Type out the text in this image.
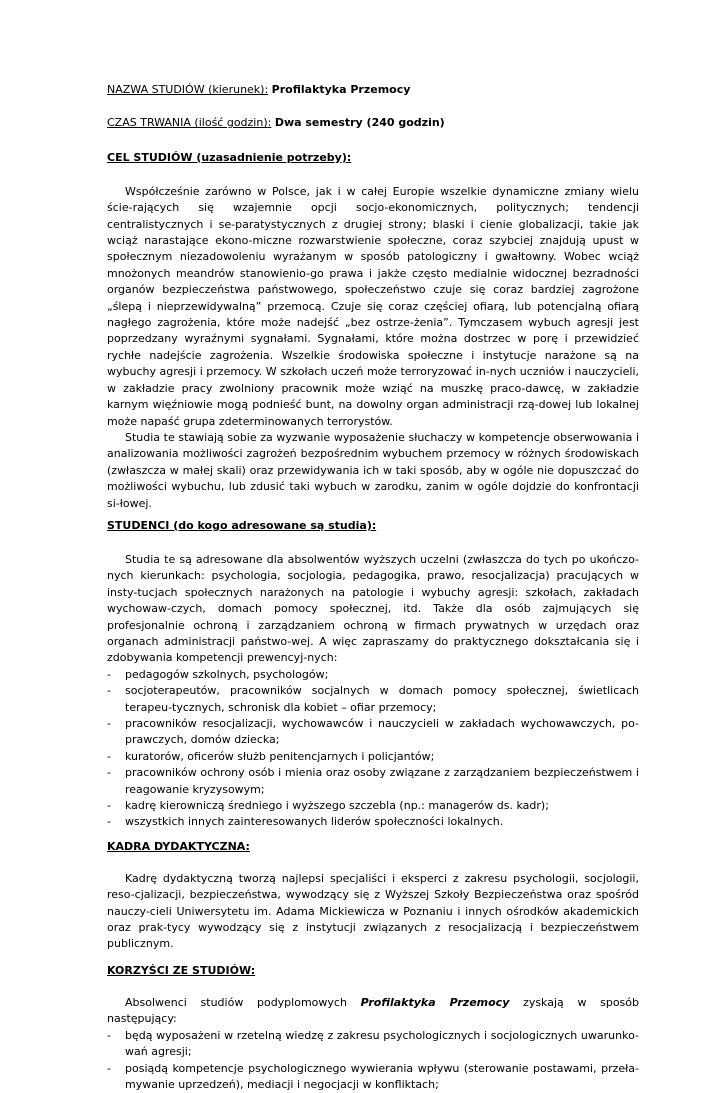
NAZWA STUDIÓW (kierunek): Profilaktyka Przemocy

CZAS TRWANIA (ilość godzin): Dwa semestry (240 godzin)

CEL STUDIÓW (uzasadnienie potrzeby):

Współcześnie zarówno w Polsce, jak i w całej Europie wszelkie dynamiczne zmiany wielu ście-rających się wzajemnie opcji socjo-ekonomicznych, politycznych; tendencji centralistycznych i se-paratystycznych z drugiej strony; blaski i cienie globalizacji, takie jak wciąż narastające ekono-miczne rozwarstwienie społeczne, coraz szybciej znajdują upust w społecznym niezadowoleniu wyrażanym w sposób patologiczny i gwałtowny. Wobec wciąż mnożonych meandrów stanowienio-go prawa i jakże często medialnie widocznej bezradności organów bezpieczeństwa państwowego, społeczeństwo czuje się coraz bardziej zagrożone „ślepą i nieprzewidywalną” przemocą. Czuje się coraz częściej ofiarą, lub potencjalną ofiarą nagłego zagrożenia, które może nadejść „bez ostrze-żenia”. Tymczasem wybuch agresji jest poprzedzany wyraźnymi sygnałami. Sygnałami, które można dostrzec w porę i przewidzieć rychłe nadejście zagrożenia. Wszelkie środowiska społeczne i instytucje narażone są na wybuchy agresji i przemocy. W szkołach uczeń może terroryzować in-nych uczniów i nauczycieli, w zakładzie pracy zwolniony pracownik może wziąć na muszkę praco-dawcę, w zakładzie karnym więźniowie mogą podnieść bunt, na dowolny organ administracji rzą-dowej lub lokalnej może napaść grupa zdeterminowanych terrorystów.

Studia te stawiają sobie za wyzwanie wyposażenie słuchaczy w kompetencje obserwowania i analizowania możliwości zagrożeń bezpośrednim wybuchem przemocy w różnych środowiskach (zwłaszcza w małej skali) oraz przewidywania ich w taki sposób, aby w ogóle nie dopuszczać do możliwości wybuchu, lub zdusić taki wybuch w zarodku, zanim w ogóle dojdzie do konfrontacji si-łowej.

STUDENCI (do kogo adresowane są studia):

Studia te są adresowane dla absolwentów wyższych uczelni (zwłaszcza do tych po ukończo-nych kierunkach: psychologia, socjologia, pedagogika, prawo, resocjalizacja) pracujących w insty-tucjach społecznych narażonych na patologie i wybuchy agresji: szkołach, zakładach wychowaw-czych, domach pomocy społecznej, itd. Także dla osób zajmujących się profesjonalnie ochroną i zarządzaniem ochroną w firmach prywatnych w urzędach oraz organach administracji państwo-wej. A więc zapraszamy do praktycznego dokształcania się i zdobywania kompetencji prewencyj-nych:

- pedagogów szkolnych, psychologów;
- socjoterapeutów, pracowników socjalnych w domach pomocy społecznej, świetlicach terapeu-tycznych, schronisk dla kobiet – ofiar przemocy;
- pracowników resocjalizacji, wychowawców i nauczycieli w zakładach wychowawczych, po-prawczych, domów dziecka;
- kuratorów, oficerów służb penitencjarnych i policjantów;
- pracowników ochrony osób i mienia oraz osoby związane z zarządzaniem bezpieczeństwem i reagowanie kryzysowym;
- kadrę kierowniczą średniego i wyższego szczebla (np.: managerów ds. kadr);
- wszystkich innych zainteresowanych liderów społeczności lokalnych.
KADRA DYDAKTYCZNA:

Kadrę dydaktyczną tworzą najlepsi specjaliści i eksperci z zakresu psychologii, socjologii, reso-cjalizacji, bezpieczeństwa, wywodzący się z Wyższej Szkoły Bezpieczeństwa oraz spośród nauczy-cieli Uniwersytetu im. Adama Mickiewicza w Poznaniu i innych ośrodków akademickich oraz prak-tycy wywodzący się z instytucji związanych z resocjalizacją i bezpieczeństwem publicznym.

KORZYŚCI ZE STUDIÓW:

Absolwenci studiów podyplomowych Profilaktyka Przemocy zyskają w sposób następujący:

- będą wyposażeni w rzetelną wiedzę z zakresu psychologicznych i socjologicznych uwarunko-wań agresji;
- posiądą kompetencje psychologicznego wywierania wpływu (sterowanie postawami, przeła-mywanie uprzedzeń), mediacji i negocjacji w konfliktach;
